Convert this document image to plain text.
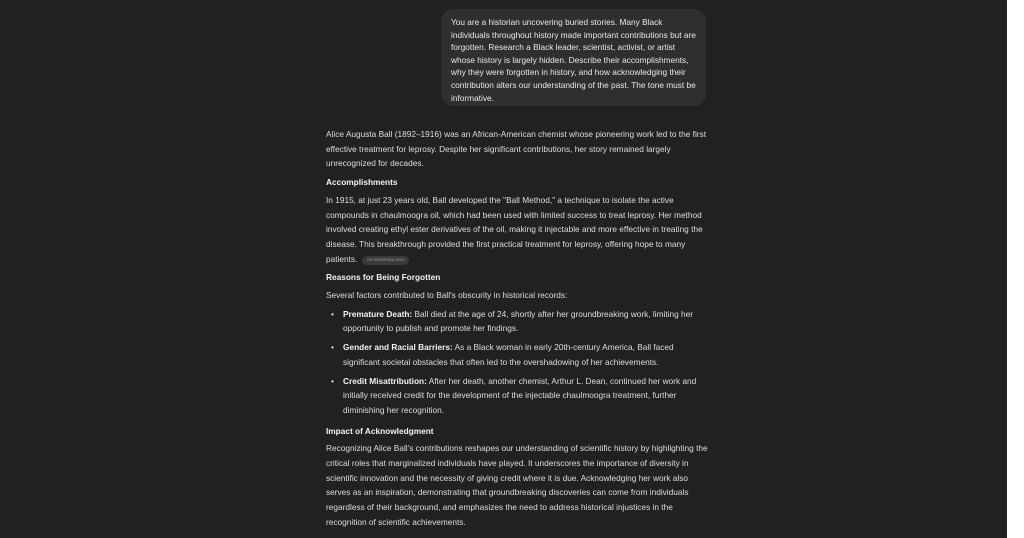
You are a historian uncovering buried stories. Many Black individuals throughout history made important contributions but are forgotten. Research a Black leader, scientist, activist, or artist whose history is largely hidden. Describe their accomplishments, why they were forgotten in history, and how acknowledging their contribution alters our understanding of the past. The tone must be informative.

Alice Augusta Ball (1892–1916) was an African-American chemist whose pioneering work led to the first effective treatment for leprosy. Despite her significant contributions, her story remained largely unrecognized for decades.

Accomplishments

In 1915, at just 23 years old, Ball developed the "Ball Method," a technique to isolate the active compounds in chaulmoogra oil, which had been used with limited success to treat leprosy. Her method involved creating ethyl ester derivatives of the oil, making it injectable and more effective in treating the disease. This breakthrough provided the first practical treatment for leprosy, offering hope to many patients.	EN.WIKIPEDIA.ORG

Reasons for Being Forgotten

Several factors contributed to Ball's obscurity in historical records:

• Premature Death: Ball died at the age of 24, shortly after her groundbreaking work, limiting her opportunity to publish and promote her findings.
• Gender and Racial Barriers: As a Black woman in early 20th-century America, Ball faced significant societal obstacles that often led to the overshadowing of her achievements.
• Credit Misattribution: After her death, another chemist, Arthur L. Dean, continued her work and initially received credit for the development of the injectable chaulmoogra treatment, further diminishing her recognition.
Impact of Acknowledgment

Recognizing Alice Ball's contributions reshapes our understanding of scientific history by highlighting the critical roles that marginalized individuals have played. It underscores the importance of diversity in scientific innovation and the necessity of giving credit where it is due. Acknowledging her work also serves as an inspiration, demonstrating that groundbreaking discoveries can come from individuals regardless of their background, and emphasizes the need to address historical injustices in the recognition of scientific achievements.
